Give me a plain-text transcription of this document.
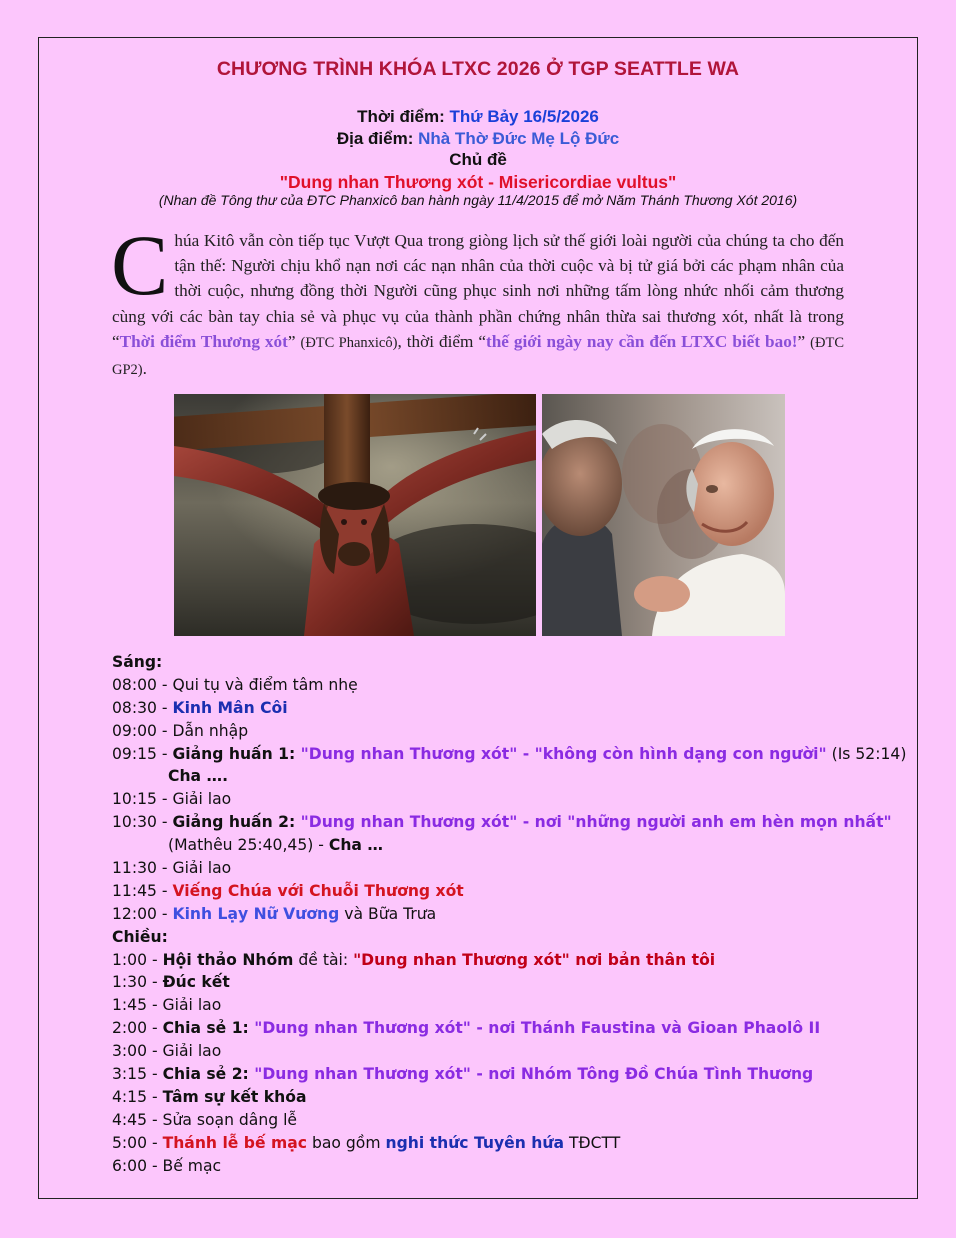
CHƯƠNG TRÌNH KHÓA LTXC 2026 Ở TGP SEATTLE WA
Thời điểm: Thứ Bảy 16/5/2026
Địa điểm: Nhà Thờ Đức Mẹ Lộ Đức
Chủ đề
"Dung nhan Thương xót - Misericordiae vultus"
(Nhan đề Tông thư của ĐTC Phanxicô ban hành ngày 11/4/2015 để mở Năm Thánh Thương Xót 2016)
Chúa Kitô vẫn còn tiếp tục Vượt Qua trong giòng lịch sử thế giới loài người của chúng ta cho đến tận thế: Người chịu khổ nạn nơi các nạn nhân của thời cuộc và bị tử giá bởi các phạm nhân của thời cuộc, nhưng đồng thời Người cũng phục sinh nơi những tấm lòng nhức nhối cảm thương cùng với các bàn tay chia sẻ và phục vụ của thành phần chứng nhân thừa sai thương xót, nhất là trong “Thời điểm Thương xót” (ĐTC Phanxicô), thời điểm “thế giới ngày nay cần đến LTXC biết bao!” (ĐTC GP2).
Sáng:
08:00 - Qui tụ và điểm tâm nhẹ
08:30 - Kinh Mân Côi
09:00 - Dẫn nhập
09:15 - Giảng huấn 1: "Dung nhan Thương xót" - "không còn hình dạng con người" (Is 52:14)
Cha ….
10:15 - Giải lao
10:30 - Giảng huấn 2: "Dung nhan Thương xót" - nơi "những người anh em hèn mọn nhất"
(Mathêu 25:40,45) - Cha …
11:30 - Giải lao
11:45 - Viếng Chúa với Chuỗi Thương xót
12:00 - Kinh Lạy Nữ Vương và Bữa Trưa
Chiều:
1:00 - Hội thảo Nhóm đề tài: "Dung nhan Thương xót" nơi bản thân tôi
1:30 - Đúc kết
1:45 - Giải lao
2:00 - Chia sẻ 1: "Dung nhan Thương xót" - nơi Thánh Faustina và Gioan Phaolô II
3:00 - Giải lao
3:15 - Chia sẻ 2: "Dung nhan Thương xót" - nơi Nhóm Tông Đồ Chúa Tình Thương
4:15 - Tâm sự kết khóa
4:45 - Sửa soạn dâng lễ
5:00 - Thánh lễ bế mạc bao gồm nghi thức Tuyên hứa TĐCTT
6:00 - Bế mạc
